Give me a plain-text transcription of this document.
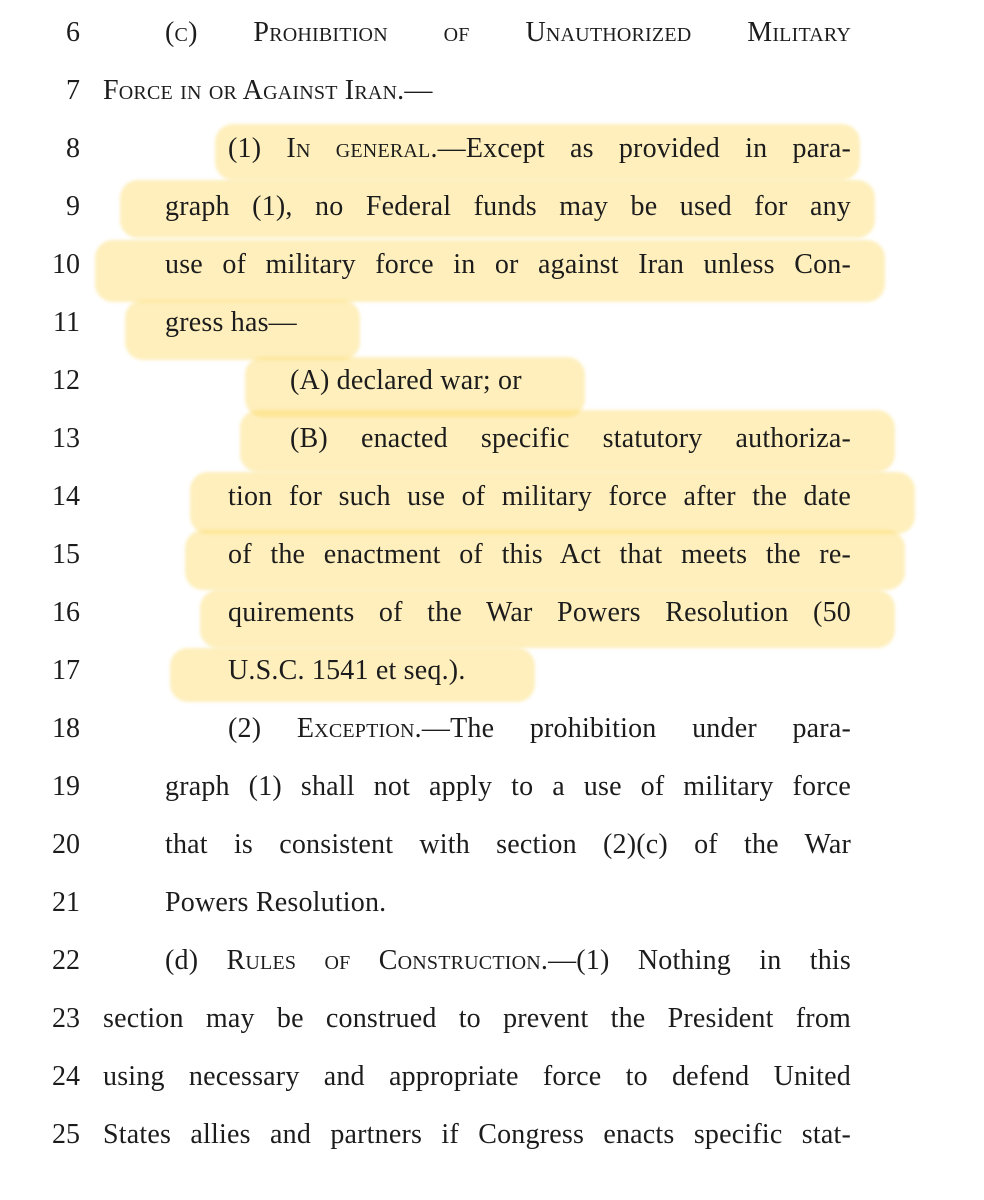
6	(c) Prohibition of Unauthorized Military
7 Force in or Against Iran.—
8	(1) In general.—Except as provided in para-
9	graph (1), no Federal funds may be used for any
10	use of military force in or against Iran unless Con-
11	gress has—
12	(A) declared war; or
13	(B) enacted specific statutory authoriza-
14	tion for such use of military force after the date
15	of the enactment of this Act that meets the re-
16	quirements of the War Powers Resolution (50
17	U.S.C. 1541 et seq.).
18	(2) Exception.—The prohibition under para-
19	graph (1) shall not apply to a use of military force
20	that is consistent with section (2)(c) of the War
21	Powers Resolution.
22	(d) Rules of Construction.—(1) Nothing in this
23 section may be construed to prevent the President from
24 using necessary and appropriate force to defend United
25 States allies and partners if Congress enacts specific stat-
